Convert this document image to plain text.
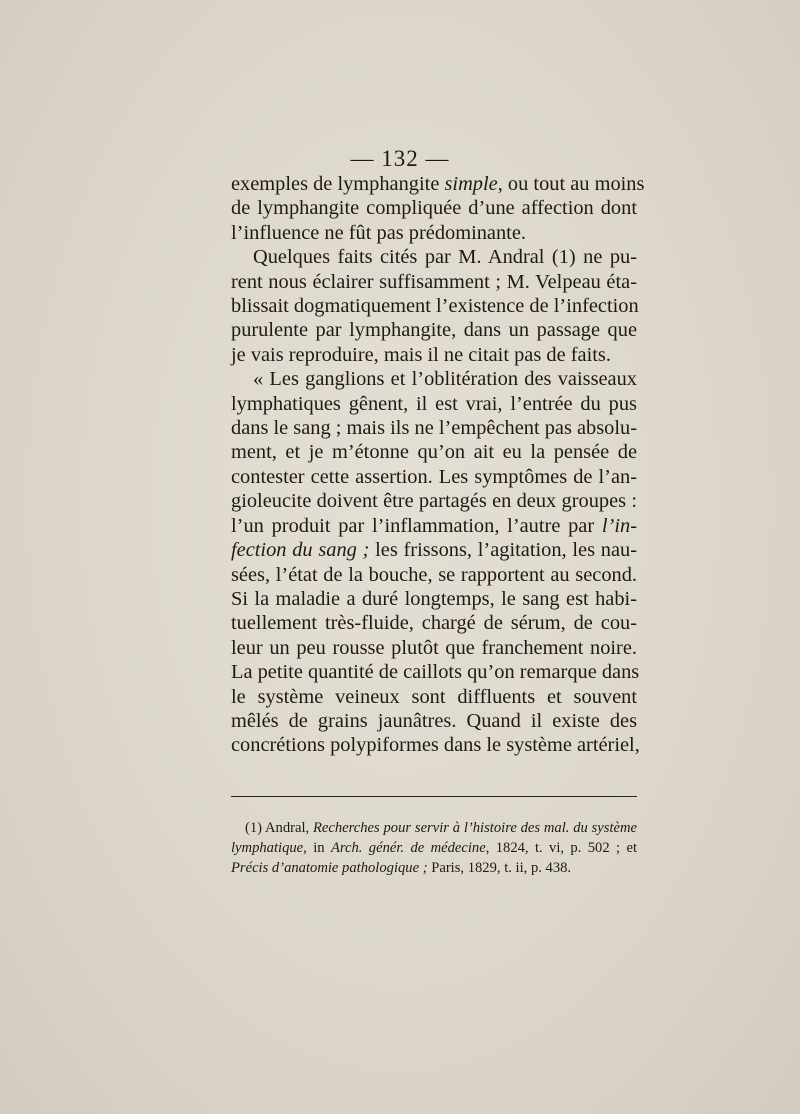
— 132 —
exemples de lymphangite simple, ou tout au moins
de lymphangite compliquée d’une affection dont
l’influence ne fût pas prédominante.
Quelques faits cités par M. Andral (1) ne pu-
rent nous éclairer suffisamment ; M. Velpeau éta-
blissait dogmatiquement l’existence de l’infection
purulente par lymphangite, dans un passage que
je vais reproduire, mais il ne citait pas de faits.
« Les ganglions et l’oblitération des vaisseaux
lymphatiques gênent, il est vrai, l’entrée du pus
dans le sang ; mais ils ne l’empêchent pas absolu-
ment, et je m’étonne qu’on ait eu la pensée de
contester cette assertion. Les symptômes de l’an-
gioleucite doivent être partagés en deux groupes :
l’un produit par l’inflammation, l’autre par l’in-
fection du sang ; les frissons, l’agitation, les nau-
sées, l’état de la bouche, se rapportent au second.
Si la maladie a duré longtemps, le sang est habi-
tuellement très-fluide, chargé de sérum, de cou-
leur un peu rousse plutôt que franchement noire.
La petite quantité de caillots qu’on remarque dans
le système veineux sont diffluents et souvent
mêlés de grains jaunâtres. Quand il existe des
concrétions polypiformes dans le système artériel,
(1) Andral, Recherches pour servir à l’histoire des mal. du système
lymphatique, in Arch. génér. de médecine, 1824, t. vi, p. 502 ; et
Précis d’anatomie pathologique ; Paris, 1829, t. ii, p. 438.
